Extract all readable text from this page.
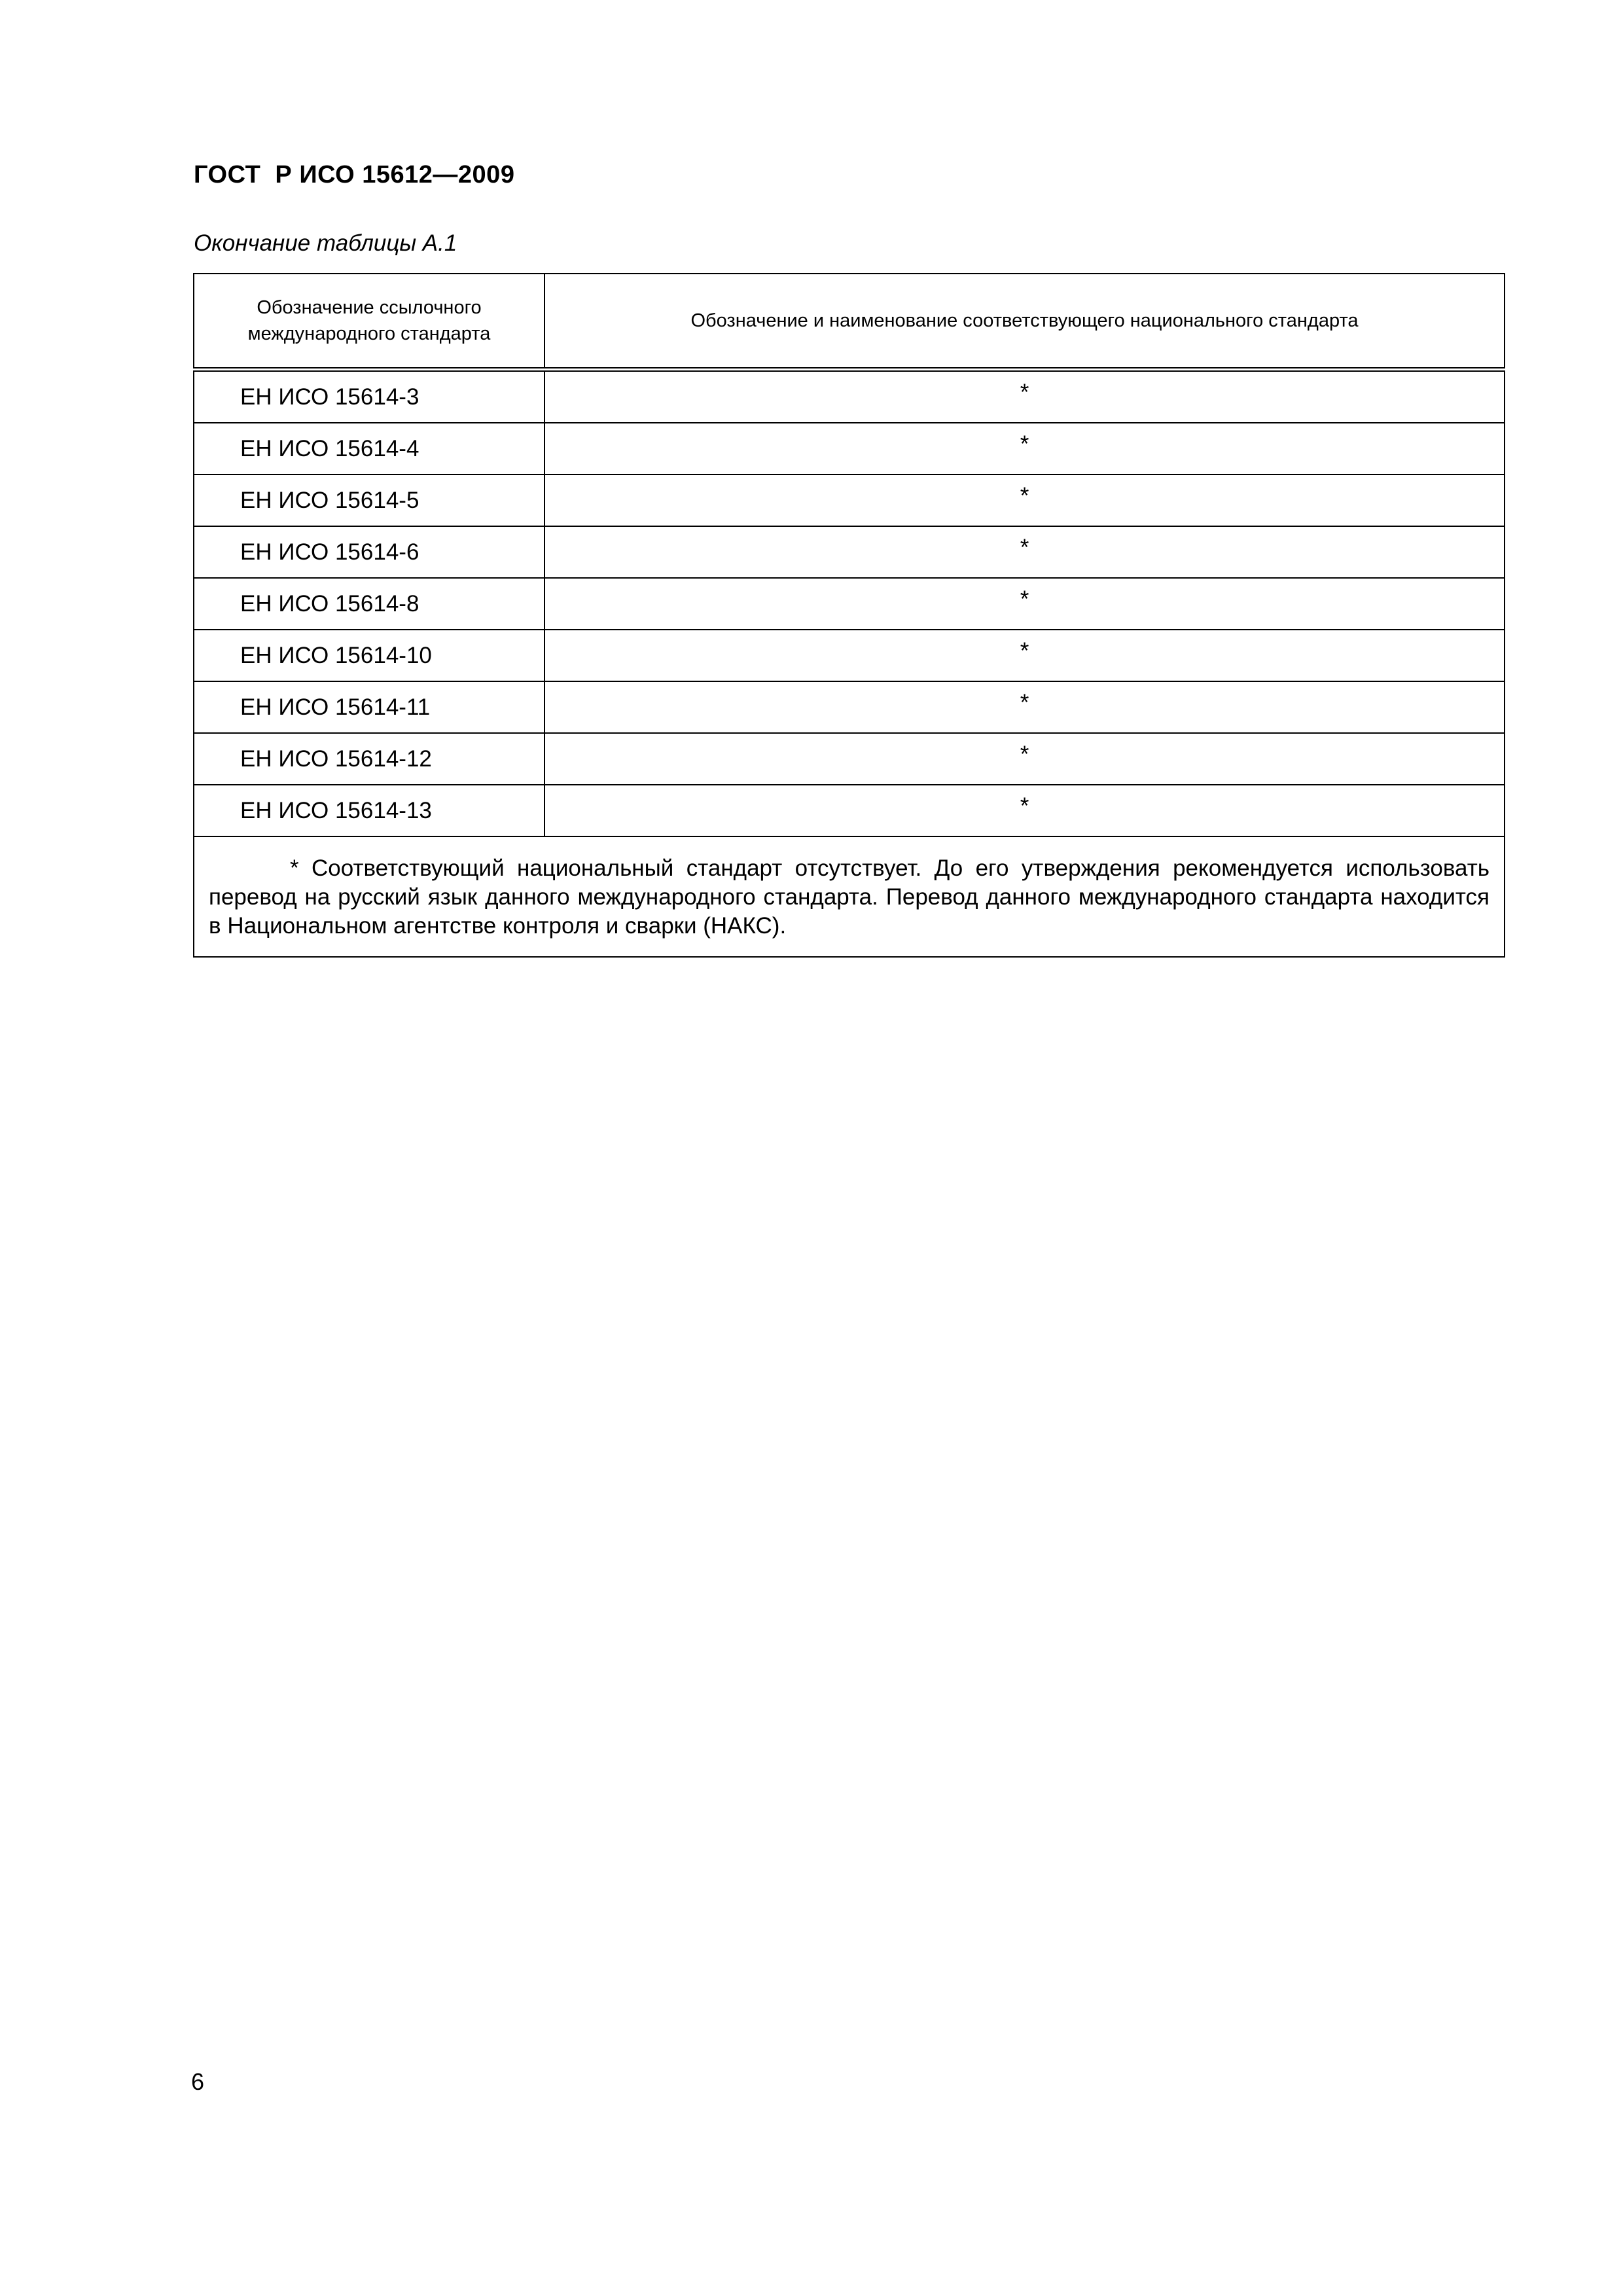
ГОСТ  Р ИСО 15612—2009
Окончание таблицы А.1
Обозначение ссылочного международного стандарта	Обозначение и наименование соответствующего национального стандарта
ЕН ИСО 15614-3	*
ЕН ИСО 15614-4	*
ЕН ИСО 15614-5	*
ЕН ИСО 15614-6	*
ЕН ИСО 15614-8	*
ЕН ИСО 15614-10	*
ЕН ИСО 15614-11	*
ЕН ИСО 15614-12	*
ЕН ИСО 15614-13	*

* Соответствующий национальный стандарт отсутствует. До его утверждения рекомендуется использовать перевод на русский язык данного международного стандарта. Перевод данного международного стандарта находится в Национальном агентстве контроля и сварки (НАКС).	
6
